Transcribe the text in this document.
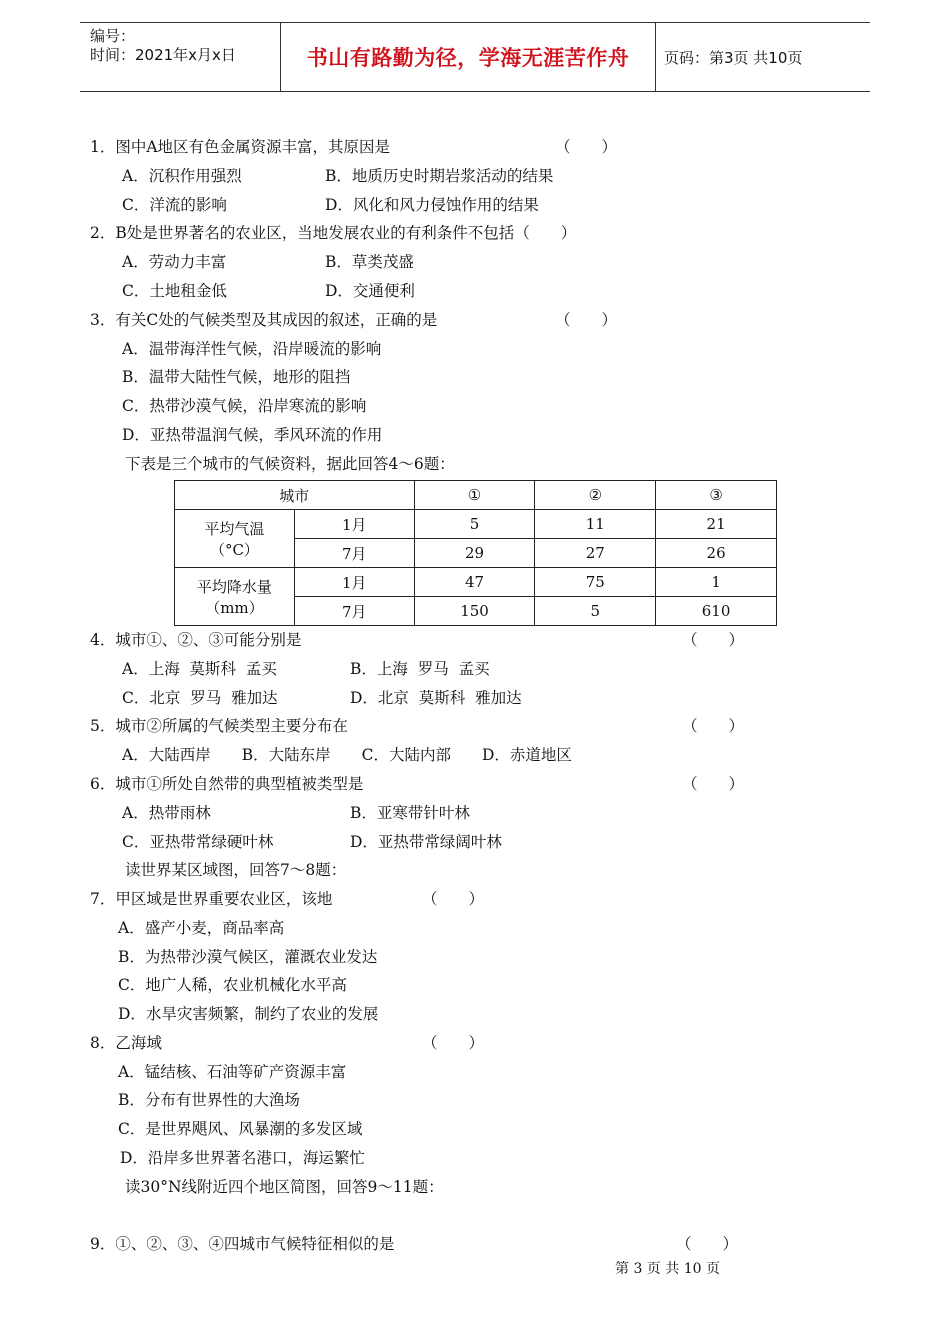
编号：
时间：2021年x月x日	书山有路勤为径，学海无涯苦作舟	页码：第3页 共10页
1．图中A地区有色金属资源丰富，其原因是	（　　）
A．沉积作用强烈	B．地质历史时期岩浆活动的结果
C．洋流的影响	D．风化和风力侵蚀作用的结果
2．B处是世界著名的农业区，当地发展农业的有利条件不包括（　　）
A．劳动力丰富	B．草类茂盛
C．土地租金低	D．交通便利
3．有关C处的气候类型及其成因的叙述，正确的是	（　　）
A．温带海洋性气候，沿岸暖流的影响
B．温带大陆性气候，地形的阻挡
C．热带沙漠气候，沿岸寒流的影响
D．亚热带温润气候，季风环流的作用
下表是三个城市的气候资料，据此回答4～6题：
城市		①	②	③

平均气温
（°C）	1月	5	11	21
	7月	29	27	26

平均降水量
（mm）	1月	47	75	1
	7月	150	5	610
4．城市①、②、③可能分别是	（　　）
A．上海  莫斯科  孟买	B．上海  罗马  孟买
C．北京  罗马  雅加达	D．北京  莫斯科  雅加达
5．城市②所属的气候类型主要分布在	（　　）
A．大陆西岸　　B．大陆东岸　　C．大陆内部　　D．赤道地区
6．城市①所处自然带的典型植被类型是	（　　）
A．热带雨林	B．亚寒带针叶林
C．亚热带常绿硬叶林	D．亚热带常绿阔叶林
读世界某区域图，回答7～8题：
7．甲区域是世界重要农业区，该地	（　　）
A．盛产小麦，商品率高
B．为热带沙漠气候区，灌溉农业发达
C．地广人稀，农业机械化水平高
D．水旱灾害频繁，制约了农业的发展
8．乙海域	（　　）
A．锰结核、石油等矿产资源丰富
B．分布有世界性的大渔场
C．是世界飓风、风暴潮的多发区域
D．沿岸多世界著名港口，海运繁忙
读30°N线附近四个地区简图，回答9～11题：
9．①、②、③、④四城市气候特征相似的是	（　　）
第 3 页 共 10 页
